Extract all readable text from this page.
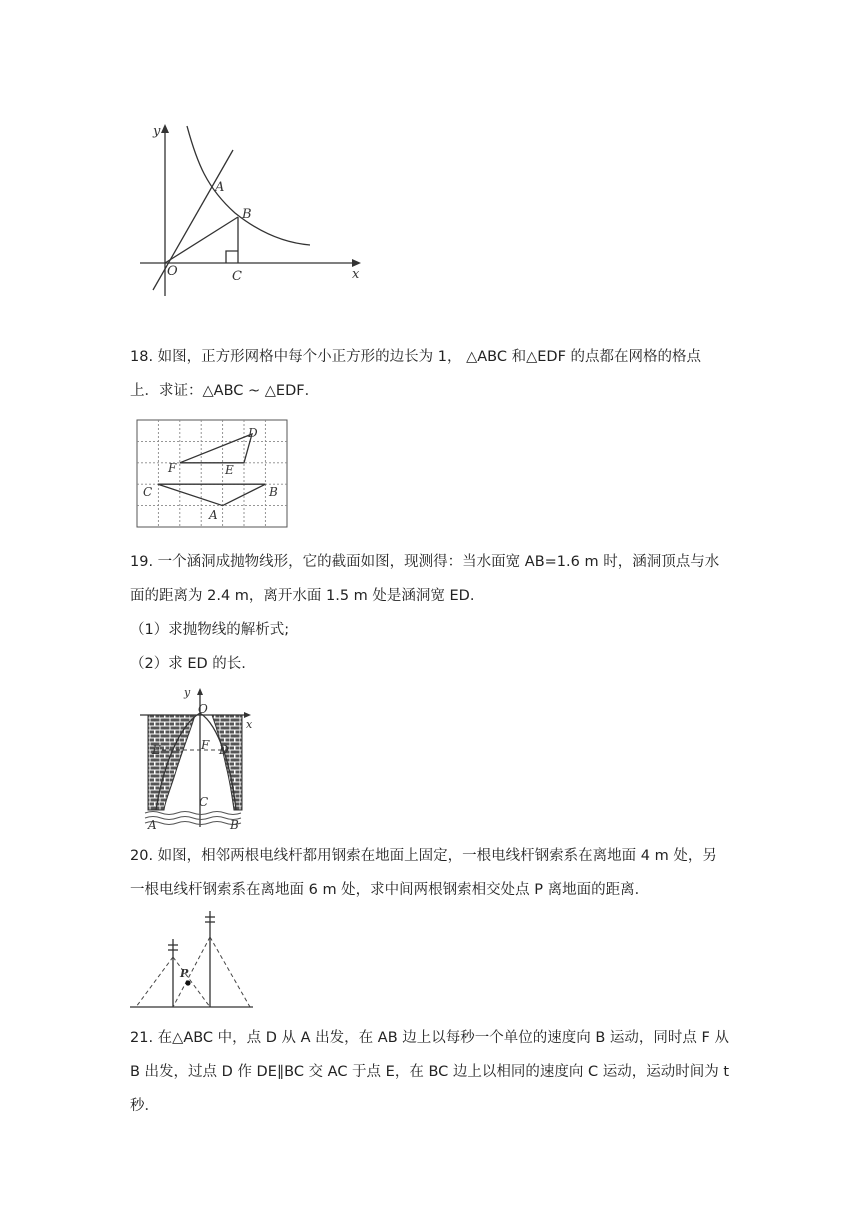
y
x
O
A
B
C
18. 如图，正方形网格中每个小正方形的边长为 1， △ABC 和△EDF 的点都在网格的格点
上．求证：△ABC ~ △EDF．
D
F	E
C	B
A
19. 一个涵洞成抛物线形，它的截面如图，现测得：当水面宽 AB=1.6 m 时，涵洞顶点与水
面的距离为 2.4 m，离开水面 1.5 m 处是涵洞宽 ED.
（1）求抛物线的解析式;
（2）求 ED 的长.
y
O
x
E	F D
C
A	B
20. 如图，相邻两根电线杆都用钢索在地面上固定，一根电线杆钢索系在离地面 4 m 处，另
一根电线杆钢索系在离地面 6 m 处，求中间两根钢索相交处点 P 离地面的距离．
P
21. 在△ABC 中，点 D 从 A 出发，在 AB 边上以每秒一个单位的速度向 B 运动，同时点 F 从
B 出发，过点 D 作 DE∥BC 交 AC 于点 E，在 BC 边上以相同的速度向 C 运动，运动时间为 t
秒．
